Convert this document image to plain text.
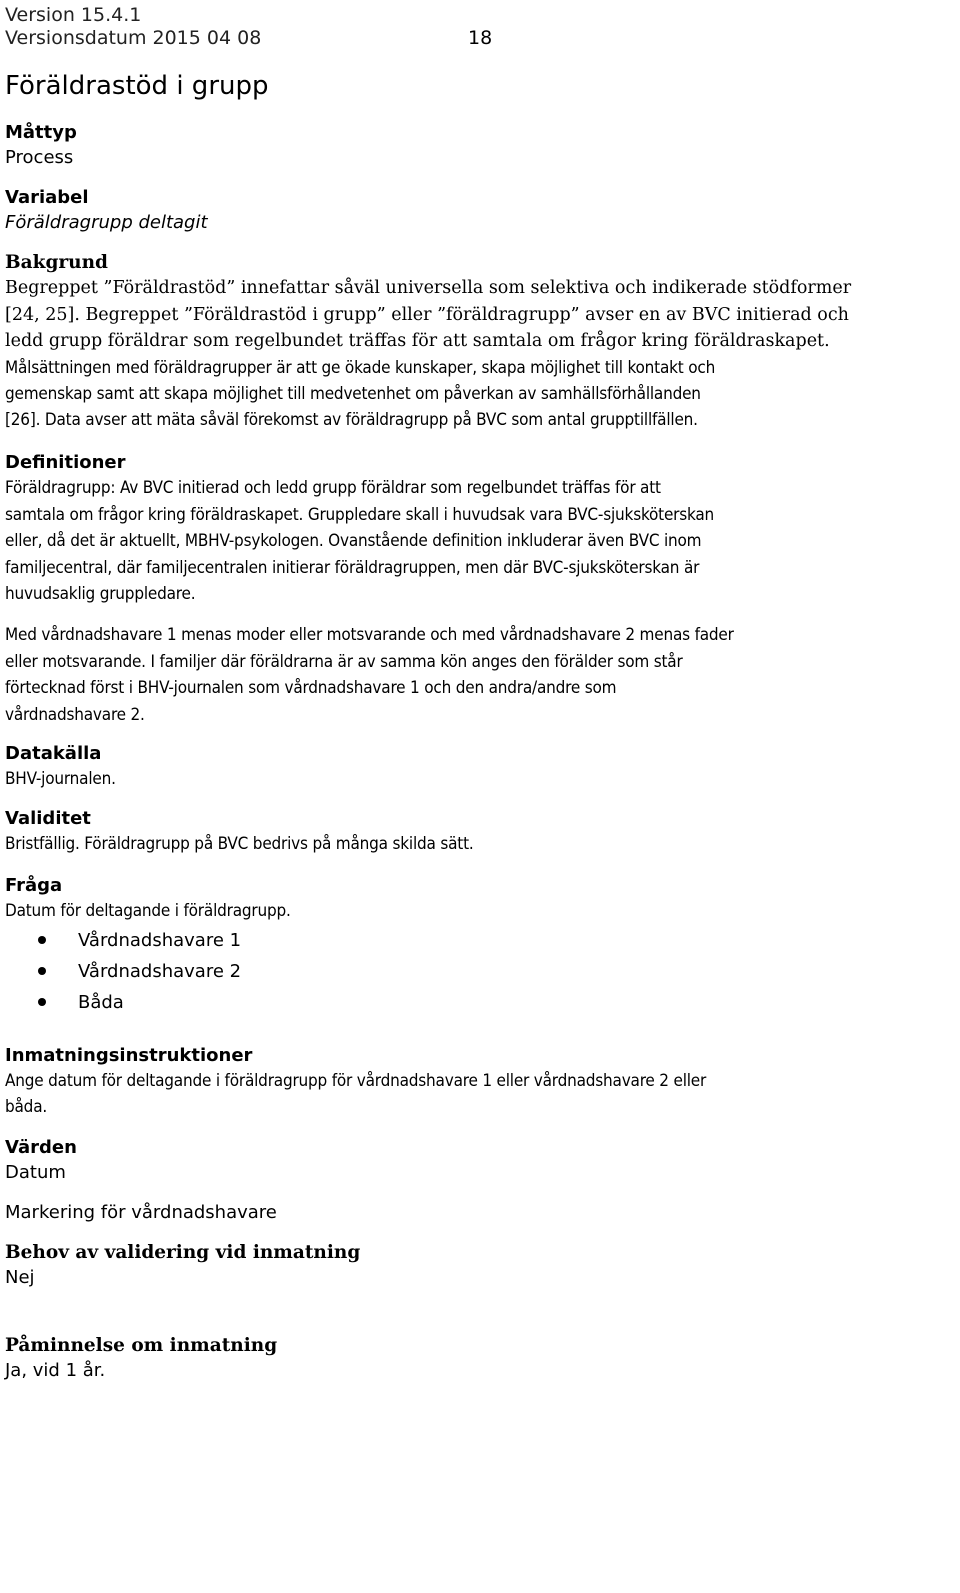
Version 15.4.1
Versionsdatum 2015 04 08	18
Föräldrastöd i grupp
Måttyp
Process
Variabel
Föräldragrupp deltagit
Bakgrund
Begreppet ”Föräldrastöd” innefattar såväl universella som selektiva och indikerade stödformer
[24, 25]. Begreppet ”Föräldrastöd i grupp” eller ”föräldragrupp” avser en av BVC initierad och
ledd grupp föräldrar som regelbundet träffas för att samtala om frågor kring föräldraskapet.
Målsättningen med föräldragrupper är att ge ökade kunskaper, skapa möjlighet till kontakt och
gemenskap samt att skapa möjlighet till medvetenhet om påverkan av samhällsförhållanden
[26]. Data avser att mäta såväl förekomst av föräldragrupp på BVC som antal grupptillfällen.
Definitioner
Föräldragrupp: Av BVC initierad och ledd grupp föräldrar som regelbundet träffas för att
samtala om frågor kring föräldraskapet. Gruppledare skall i huvudsak vara BVC-sjuksköterskan
eller, då det är aktuellt, MBHV-psykologen. Ovanstående definition inkluderar även BVC inom
familjecentral, där familjecentralen initierar föräldragruppen, men där BVC-sjuksköterskan är
huvudsaklig gruppledare.
Med vårdnadshavare 1 menas moder eller motsvarande och med vårdnadshavare 2 menas fader
eller motsvarande. I familjer där föräldrarna är av samma kön anges den förälder som står
förtecknad först i BHV-journalen som vårdnadshavare 1 och den andra/andre som
vårdnadshavare 2.
Datakälla
BHV-journalen.
Validitet
Bristfällig. Föräldragrupp på BVC bedrivs på många skilda sätt.
Fråga
Datum för deltagande i föräldragrupp.
Vårdnadshavare 1
Vårdnadshavare 2
Båda
Inmatningsinstruktioner
Ange datum för deltagande i föräldragrupp för vårdnadshavare 1 eller vårdnadshavare 2 eller
båda.
Värden
Datum
Markering för vårdnadshavare
Behov av validering vid inmatning
Nej
Påminnelse om inmatning
Ja, vid 1 år.
